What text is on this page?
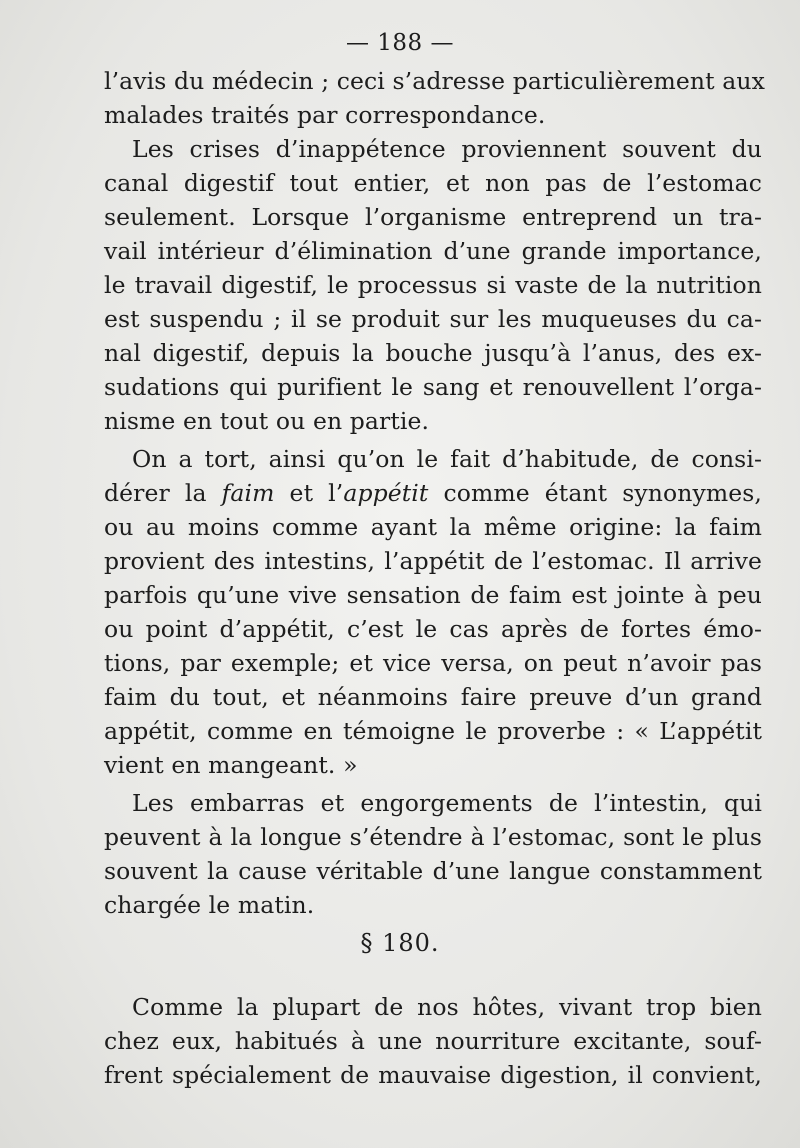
— 188 —
l’avis du médecin ; ceci s’adresse particulièrement aux
malades traités par correspondance.
Les crises d’inappétence proviennent souvent du
canal digestif tout entier, et non pas de l’estomac
seulement. Lorsque l’organisme entreprend un tra-
vail intérieur d’élimination d’une grande importance,
le travail digestif, le processus si vaste de la nutrition
est suspendu ; il se produit sur les muqueuses du ca-
nal digestif, depuis la bouche jusqu’à l’anus, des ex-
sudations qui purifient le sang et renouvellent l’orga-
nisme en tout ou en partie.
On a tort, ainsi qu’on le fait d’habitude, de consi-
dérer la faim et l’appétit comme étant synonymes,
ou au moins comme ayant la même origine: la faim
provient des intestins, l’appétit de l’estomac. Il arrive
parfois qu’une vive sensation de faim est jointe à peu
ou point d’appétit, c’est le cas après de fortes émo-
tions, par exemple; et vice versa, on peut n’avoir pas
faim du tout, et néanmoins faire preuve d’un grand
appétit, comme en témoigne le proverbe : « L’appétit
vient en mangeant. »
Les embarras et engorgements de l’intestin, qui
peuvent à la longue s’étendre à l’estomac, sont le plus
souvent la cause véritable d’une langue constamment
chargée le matin.
§ 180.
Comme la plupart de nos hôtes, vivant trop bien
chez eux, habitués à une nourriture excitante, souf-
frent spécialement de mauvaise digestion, il convient,
